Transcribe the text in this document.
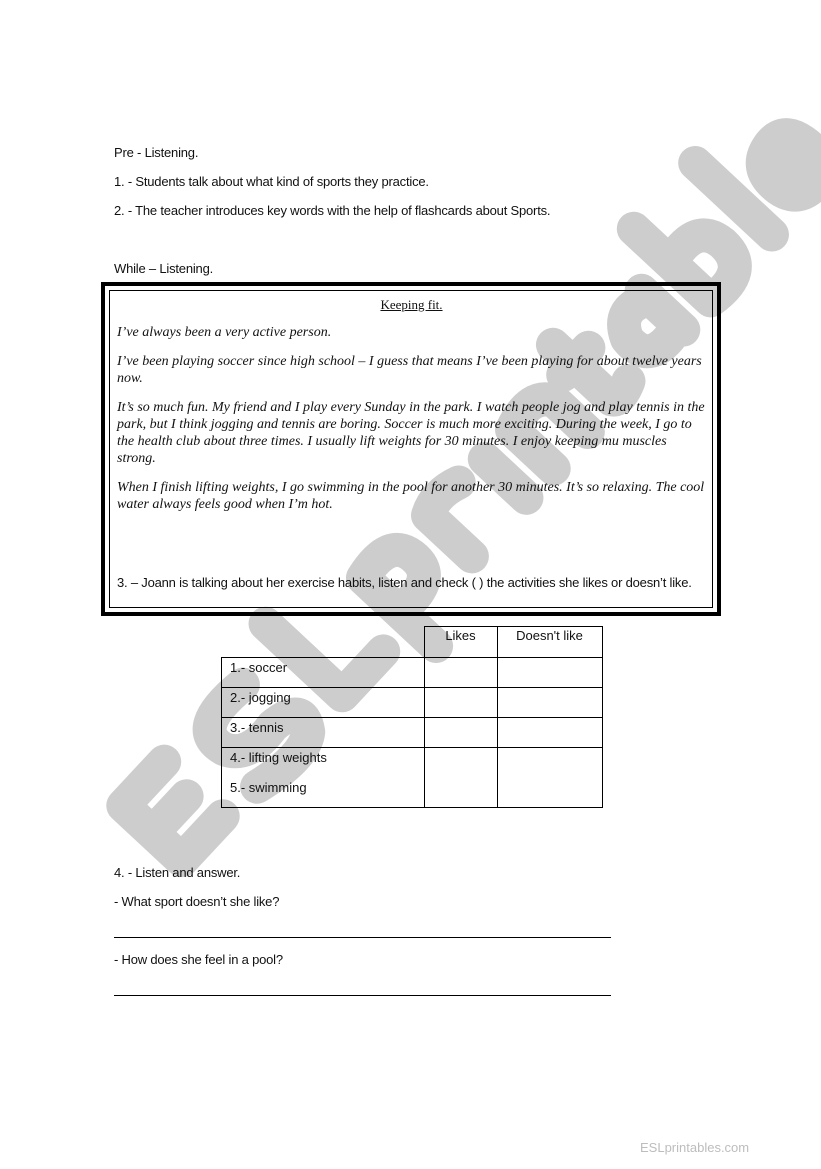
ESLprintables.com

Pre - Listening.

1. - Students talk about what kind of sports they practice.

2. - The teacher introduces key words with the help of flashcards about Sports.

While – Listening.

Keeping fit.

I’ve always been a very active person.

I’ve been playing soccer since high school – I guess that means I’ve been playing for about twelve years now.

It’s so much fun. My friend and I play every Sunday in the park. I watch people jog and play tennis in the park, but I think jogging and tennis are boring. Soccer is much more exciting. During the week, I go to the health club about three times. I usually lift weights for 30 minutes. I enjoy keeping mu muscles strong.

When I finish lifting weights, I go swimming in the pool for another 30 minutes. It’s so relaxing. The cool water always feels good when I’m hot.

3. – Joann is talking about her exercise habits, listen and check ( ) the activities she likes or doesn’t like.

	Likes	Doesn't like
1.- soccer		
2.- jogging		
3.- tennis		

4.- lifting weights
5.- swimming		

4. - Listen and answer.

- What sport doesn’t she like?

- How does she feel in a pool?
